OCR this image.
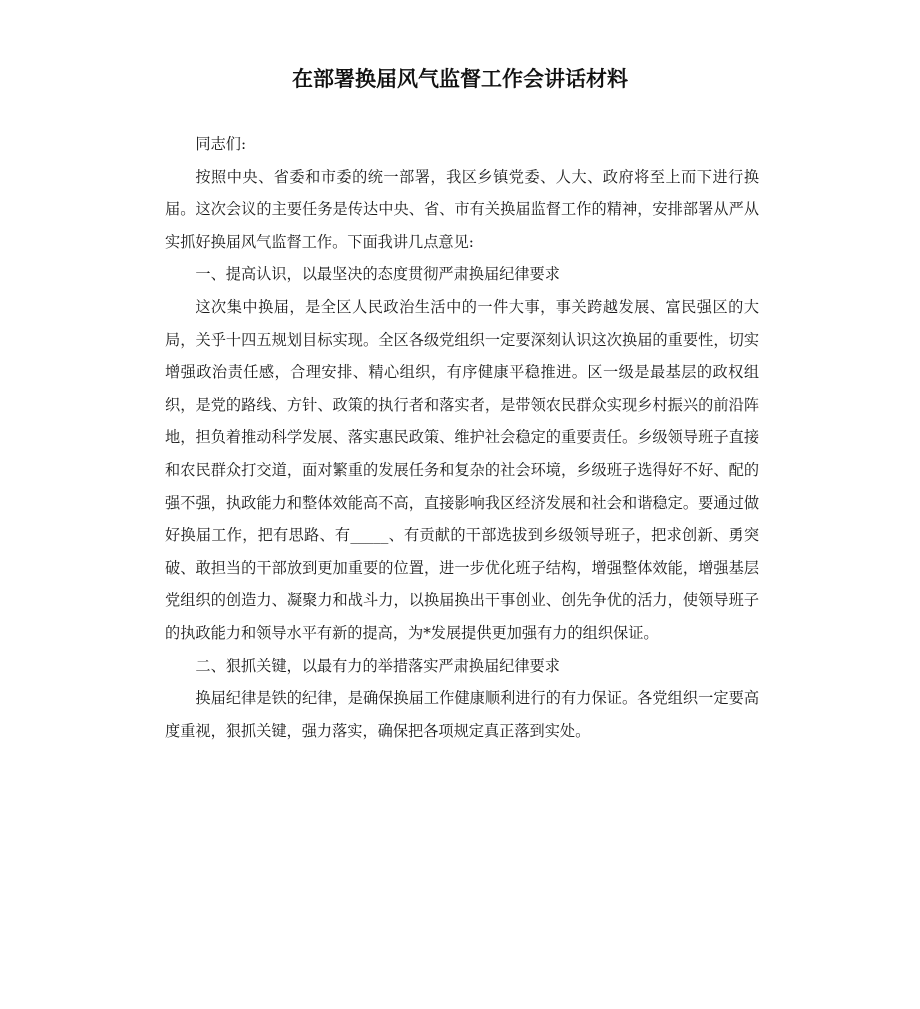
在部署换届风气监督工作会讲话材料

同志们:

按照中央、省委和市委的统一部署，我区乡镇党委、人大、政府将至上而下进行换届。这次会议的主要任务是传达中央、省、市有关换届监督工作的精神，安排部署从严从实抓好换届风气监督工作。下面我讲几点意见:

一、提高认识，以最坚决的态度贯彻严肃换届纪律要求

这次集中换届，是全区人民政治生活中的一件大事，事关跨越发展、富民强区的大局，关乎十四五规划目标实现。全区各级党组织一定要深刻认识这次换届的重要性，切实增强政治责任感，合理安排、精心组织，有序健康平稳推进。区一级是最基层的政权组织，是党的路线、方针、政策的执行者和落实者，是带领农民群众实现乡村振兴的前沿阵地，担负着推动科学发展、落实惠民政策、维护社会稳定的重要责任。乡级领导班子直接和农民群众打交道，面对繁重的发展任务和复杂的社会环境，乡级班子选得好不好、配的强不强，执政能力和整体效能高不高，直接影响我区经济发展和社会和谐稳定。要通过做好换届工作，把有思路、有_____、有贡献的干部选拔到乡级领导班子，把求创新、勇突破、敢担当的干部放到更加重要的位置，进一步优化班子结构，增强整体效能，增强基层党组织的创造力、凝聚力和战斗力，以换届换出干事创业、创先争优的活力，使领导班子的执政能力和领导水平有新的提高，为*发展提供更加强有力的组织保证。

二、狠抓关键，以最有力的举措落实严肃换届纪律要求

换届纪律是铁的纪律，是确保换届工作健康顺利进行的有力保证。各党组织一定要高度重视，狠抓关键，强力落实，确保把各项规定真正落到实处。
